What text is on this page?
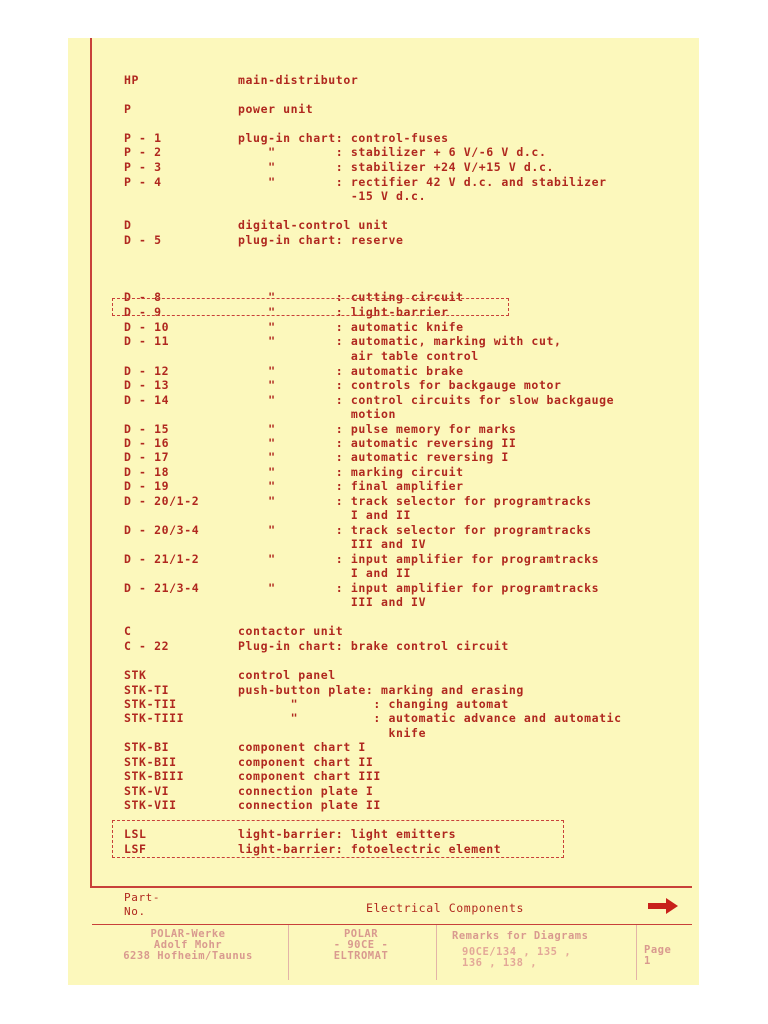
HP	main-distributor
P	power unit
P - 1	plug-in chart: control-fuses
P - 2	"        : stabilizer + 6 V/-6 V d.c.
P - 3	"        : stabilizer +24 V/+15 V d.c.
P - 4	"        : rectifier 42 V d.c. and stabilizer
-15 V d.c.
D	digital-control unit
D - 5	plug-in chart: reserve
D - 8	"        : cutting circuit
D - 9	"        : light-barrier
D - 10	"        : automatic knife
D - 11	"        : automatic, marking with cut,
air table control
D - 12	"        : automatic brake
D - 13	"        : controls for backgauge motor
D - 14	"        : control circuits for slow backgauge
motion
D - 15	"        : pulse memory for marks
D - 16	"        : automatic reversing II
D - 17	"        : automatic reversing I
D - 18	"        : marking circuit
D - 19	"        : final amplifier
D - 20/1-2	"        : track selector for programtracks
I and II
D - 20/3-4	"        : track selector for programtracks
III and IV
D - 21/1-2	"        : input amplifier for programtracks
I and II
D - 21/3-4	"        : input amplifier for programtracks
III and IV
C	contactor unit
C - 22	Plug-in chart: brake control circuit
STK	control panel
STK-TI	push-button plate: marking and erasing
STK-TII	"          : changing automat
STK-TIII	"          : automatic advance and automatic
knife
STK-BI	component chart I
STK-BII	component chart II
STK-BIII	component chart III
STK-VI	connection plate I
STK-VII	connection plate II
LSL	light-barrier: light emitters
LSF	light-barrier: fotoelectric element
Part-
No.	Electrical Components
POLAR-Werke
Adolf Mohr
6238 Hofheim/Taunus
POLAR
- 90CE -
ELTROMAT
Remarks for Diagrams
90CE/134 , 135 ,
136 , 138 ,
Page
1
